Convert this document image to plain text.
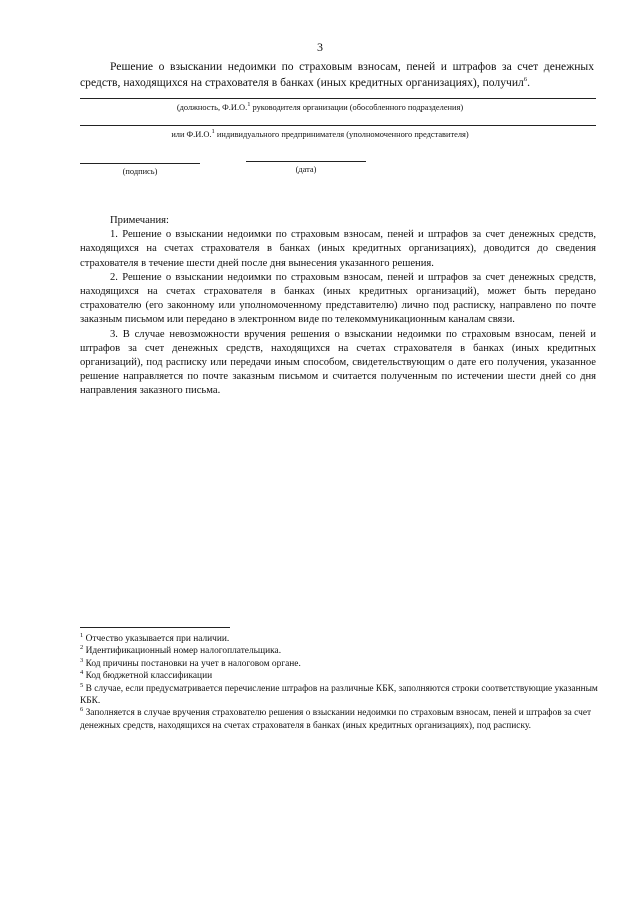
3
Решение о взыскании недоимки по страховым взносам, пеней и штрафов за счет денежных средств, находящихся на страхователя в банках (иных кредитных организациях), получил$^6$.
(должность, Ф.И.О.$^1$ руководителя организации (обособленного подразделения)
или Ф.И.О.$^1$ индивидуального предпринимателя (уполномоченного представителя)
(подпись)	(дата)

Примечания:

1. Решение о взыскании недоимки по страховым взносам, пеней и штрафов за счет денежных средств, находящихся на счетах страхователя в банках (иных кредитных организациях), доводится до сведения страхователя в течение шести дней после дня вынесения указанного решения.

2. Решение о взыскании недоимки по страховым взносам, пеней и штрафов за счет денежных средств, находящихся на счетах страхователя в банках (иных кредитных организаций), может быть передано страхователю (его законному или уполномоченному представителю) лично под расписку, направлено по почте заказным письмом или передано в электронном виде по телекоммуникационным каналам связи.

3. В случае невозможности вручения решения о взыскании недоимки по страховым взносам, пеней и штрафов за счет денежных средств, находящихся на счетах страхователя в банках (иных кредитных организаций), под расписку или передачи иным способом, свидетельствующим о дате его получения, указанное решение направляется по почте заказным письмом и считается полученным по истечении шести дней со дня направления заказного письма.

$^1$ Отчество указывается при наличии.

$^2$ Идентификационный номер налогоплательщика.

$^3$ Код причины постановки на учет в налоговом органе.

$^4$ Код бюджетной классификации

$^5$ В случае, если предусматривается перечисление штрафов на различные КБК, заполняются строки соответствующие указанным КБК.

$^6$ Заполняется в случае вручения страхователю решения о взыскании недоимки по страховым взносам, пеней и штрафов за счет денежных средств, находящихся на счетах страхователя в банках (иных кредитных организациях), под расписку.
